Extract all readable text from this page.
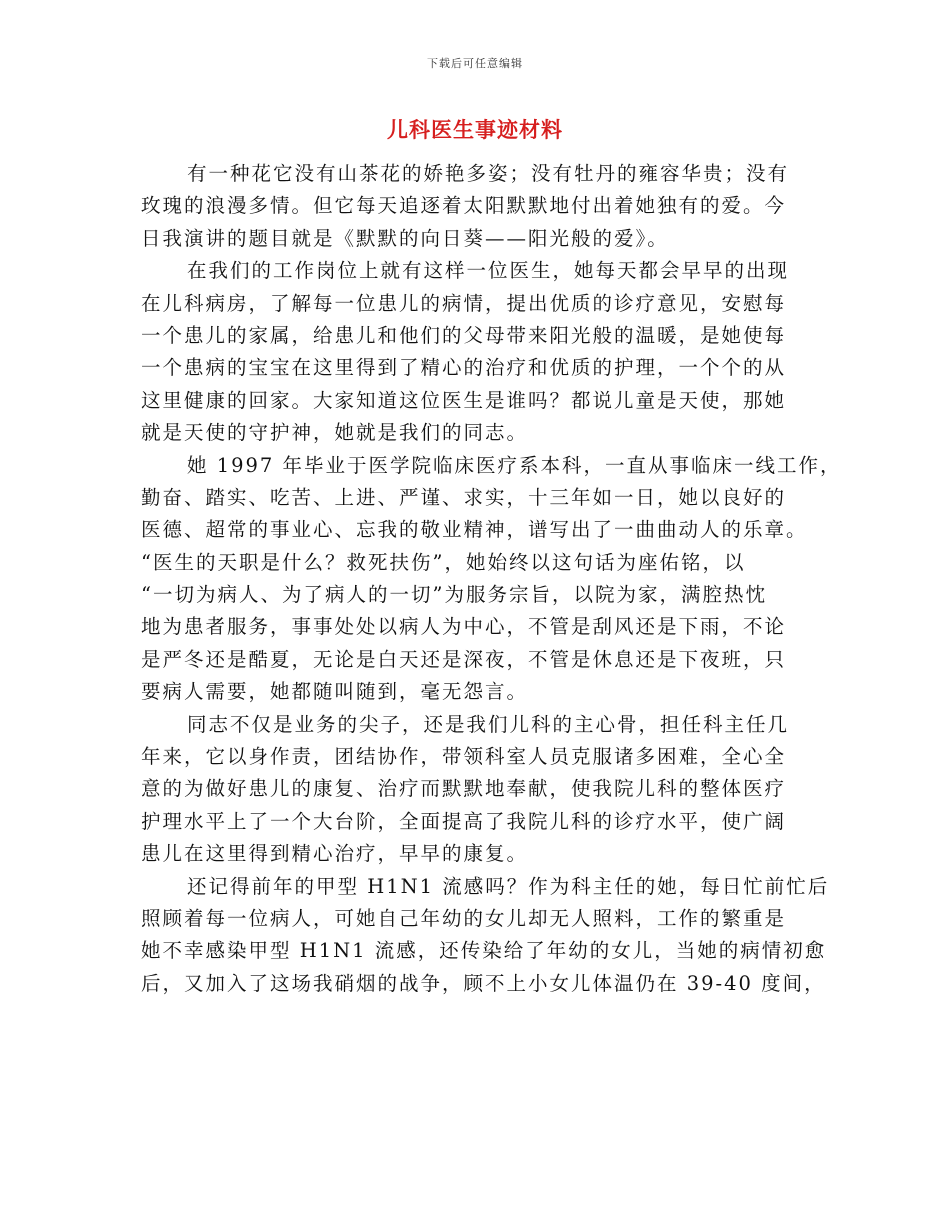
下载后可任意编辑
儿科医生事迹材料
有一种花它没有山茶花的娇艳多姿；没有牡丹的雍容华贵；没有
玫瑰的浪漫多情。但它每天追逐着太阳默默地付出着她独有的爱。今
日我演讲的题目就是《默默的向日葵——阳光般的爱》。
在我们的工作岗位上就有这样一位医生，她每天都会早早的出现
在儿科病房，了解每一位患儿的病情，提出优质的诊疗意见，安慰每
一个患儿的家属，给患儿和他们的父母带来阳光般的温暖，是她使每
一个患病的宝宝在这里得到了精心的治疗和优质的护理，一个个的从
这里健康的回家。大家知道这位医生是谁吗？都说儿童是天使，那她
就是天使的守护神，她就是我们的同志。
她 1997 年毕业于医学院临床医疗系本科，一直从事临床一线工作，
勤奋、踏实、吃苦、上进、严谨、求实，十三年如一日，她以良好的
医德、超常的事业心、忘我的敬业精神，谱写出了一曲曲动人的乐章。
“医生的天职是什么？救死扶伤”，她始终以这句话为座佑铭，以
“一切为病人、为了病人的一切”为服务宗旨，以院为家，满腔热忱
地为患者服务，事事处处以病人为中心，不管是刮风还是下雨，不论
是严冬还是酷夏，无论是白天还是深夜，不管是休息还是下夜班，只
要病人需要，她都随叫随到，毫无怨言。
同志不仅是业务的尖子，还是我们儿科的主心骨，担任科主任几
年来，它以身作责，团结协作，带领科室人员克服诸多困难，全心全
意的为做好患儿的康复、治疗而默默地奉献，使我院儿科的整体医疗
护理水平上了一个大台阶，全面提高了我院儿科的诊疗水平，使广阔
患儿在这里得到精心治疗，早早的康复。
还记得前年的甲型 H1N1 流感吗？作为科主任的她，每日忙前忙后
照顾着每一位病人，可她自己年幼的女儿却无人照料，工作的繁重是
她不幸感染甲型 H1N1 流感，还传染给了年幼的女儿，当她的病情初愈
后，又加入了这场我硝烟的战争，顾不上小女儿体温仍在 39-40 度间，
